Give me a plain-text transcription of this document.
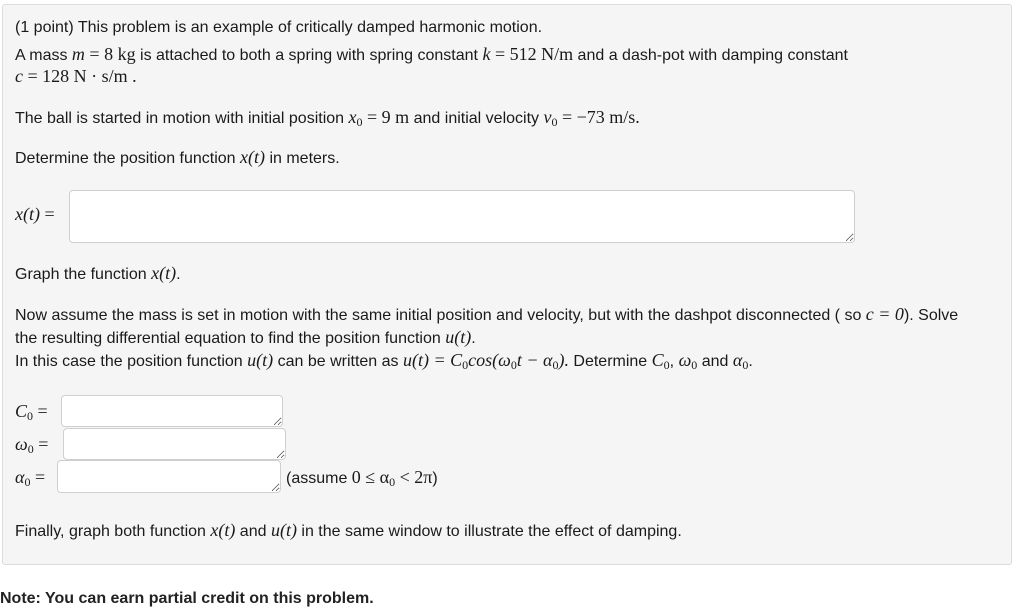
(1 point) This problem is an example of critically damped harmonic motion.
A mass m = 8 kg is attached to both a spring with spring constant k = 512 N/m and a dash-pot with damping constant
c = 128 N · s/m .
The ball is started in motion with initial position $x_0 = 9$ m and initial velocity $v_0 = -73$ m/s.
Determine the position function x(t) in meters.
x(t) =
Graph the function x(t).
Now assume the mass is set in motion with the same initial position and velocity, but with the dashpot disconnected ( so c = 0). Solve
the resulting differential equation to find the position function u(t).
In this case the position function u(t) can be written as $u(t) = C_0\cos(\omega_0t - \alpha_0)$. Determine $C_0$, $\omega_0$ and $\alpha_0$.
$C_0$ =
$\omega_0$ =
$\alpha_0$ =	(assume $0 \le \alpha_0 < 2\pi$)
Finally, graph both function x(t) and u(t) in the same window to illustrate the effect of damping.
Note: You can earn partial credit on this problem.
